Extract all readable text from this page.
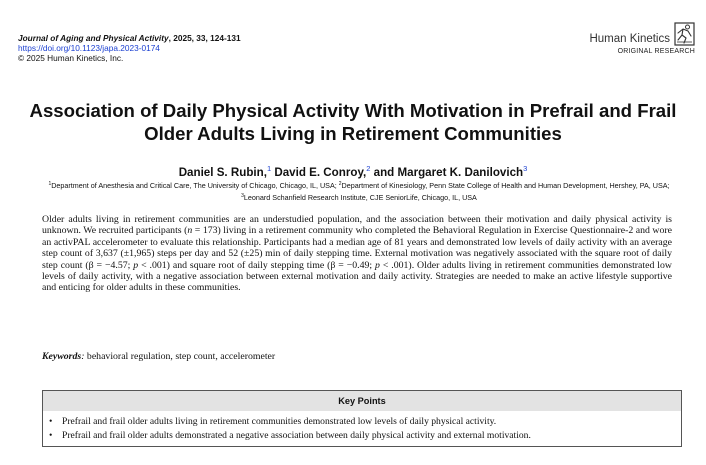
Journal of Aging and Physical Activity, 2025, 33, 124-131
https://doi.org/10.1123/japa.2023-0174
© 2025 Human Kinetics, Inc.
Human Kinetics
ORIGINAL RESEARCH
Association of Daily Physical Activity With Motivation in Prefrail and Frail Older Adults Living in Retirement Communities
Daniel S. Rubin,$^1$ David E. Conroy,$^2$ and Margaret K. Danilovich$^3$
$^1$Department of Anesthesia and Critical Care, The University of Chicago, Chicago, IL, USA; $^2$Department of Kinesiology, Penn State College of Health and Human Development, Hershey, PA, USA; $^3$Leonard Schanfield Research Institute, CJE SeniorLife, Chicago, IL, USA

Older adults living in retirement communities are an understudied population, and the association between their motivation and daily physical activity is unknown. We recruited participants (n = 173) living in a retirement community who completed the Behavioral Regulation in Exercise Questionnaire-2 and wore an activPAL accelerometer to evaluate this relationship. Participants had a median age of 81 years and demonstrated low levels of daily activity with an average step count of 3,637 (±1,965) steps per day and 52 (±25) min of daily stepping time. External motivation was negatively associated with the square root of daily step count (β = −4.57; p < .001) and square root of daily stepping time (β = −0.49; p < .001). Older adults living in retirement communities demonstrated low levels of daily activity, with a negative association between external motivation and daily activity. Strategies are needed to make an active lifestyle supportive and enticing for older adults in these communities.

Keywords: behavioral regulation, step count, accelerometer
Key Points
• Prefrail and frail older adults living in retirement communities demonstrated low levels of daily physical activity.
• Prefrail and frail older adults demonstrated a negative association between daily physical activity and external motivation.
